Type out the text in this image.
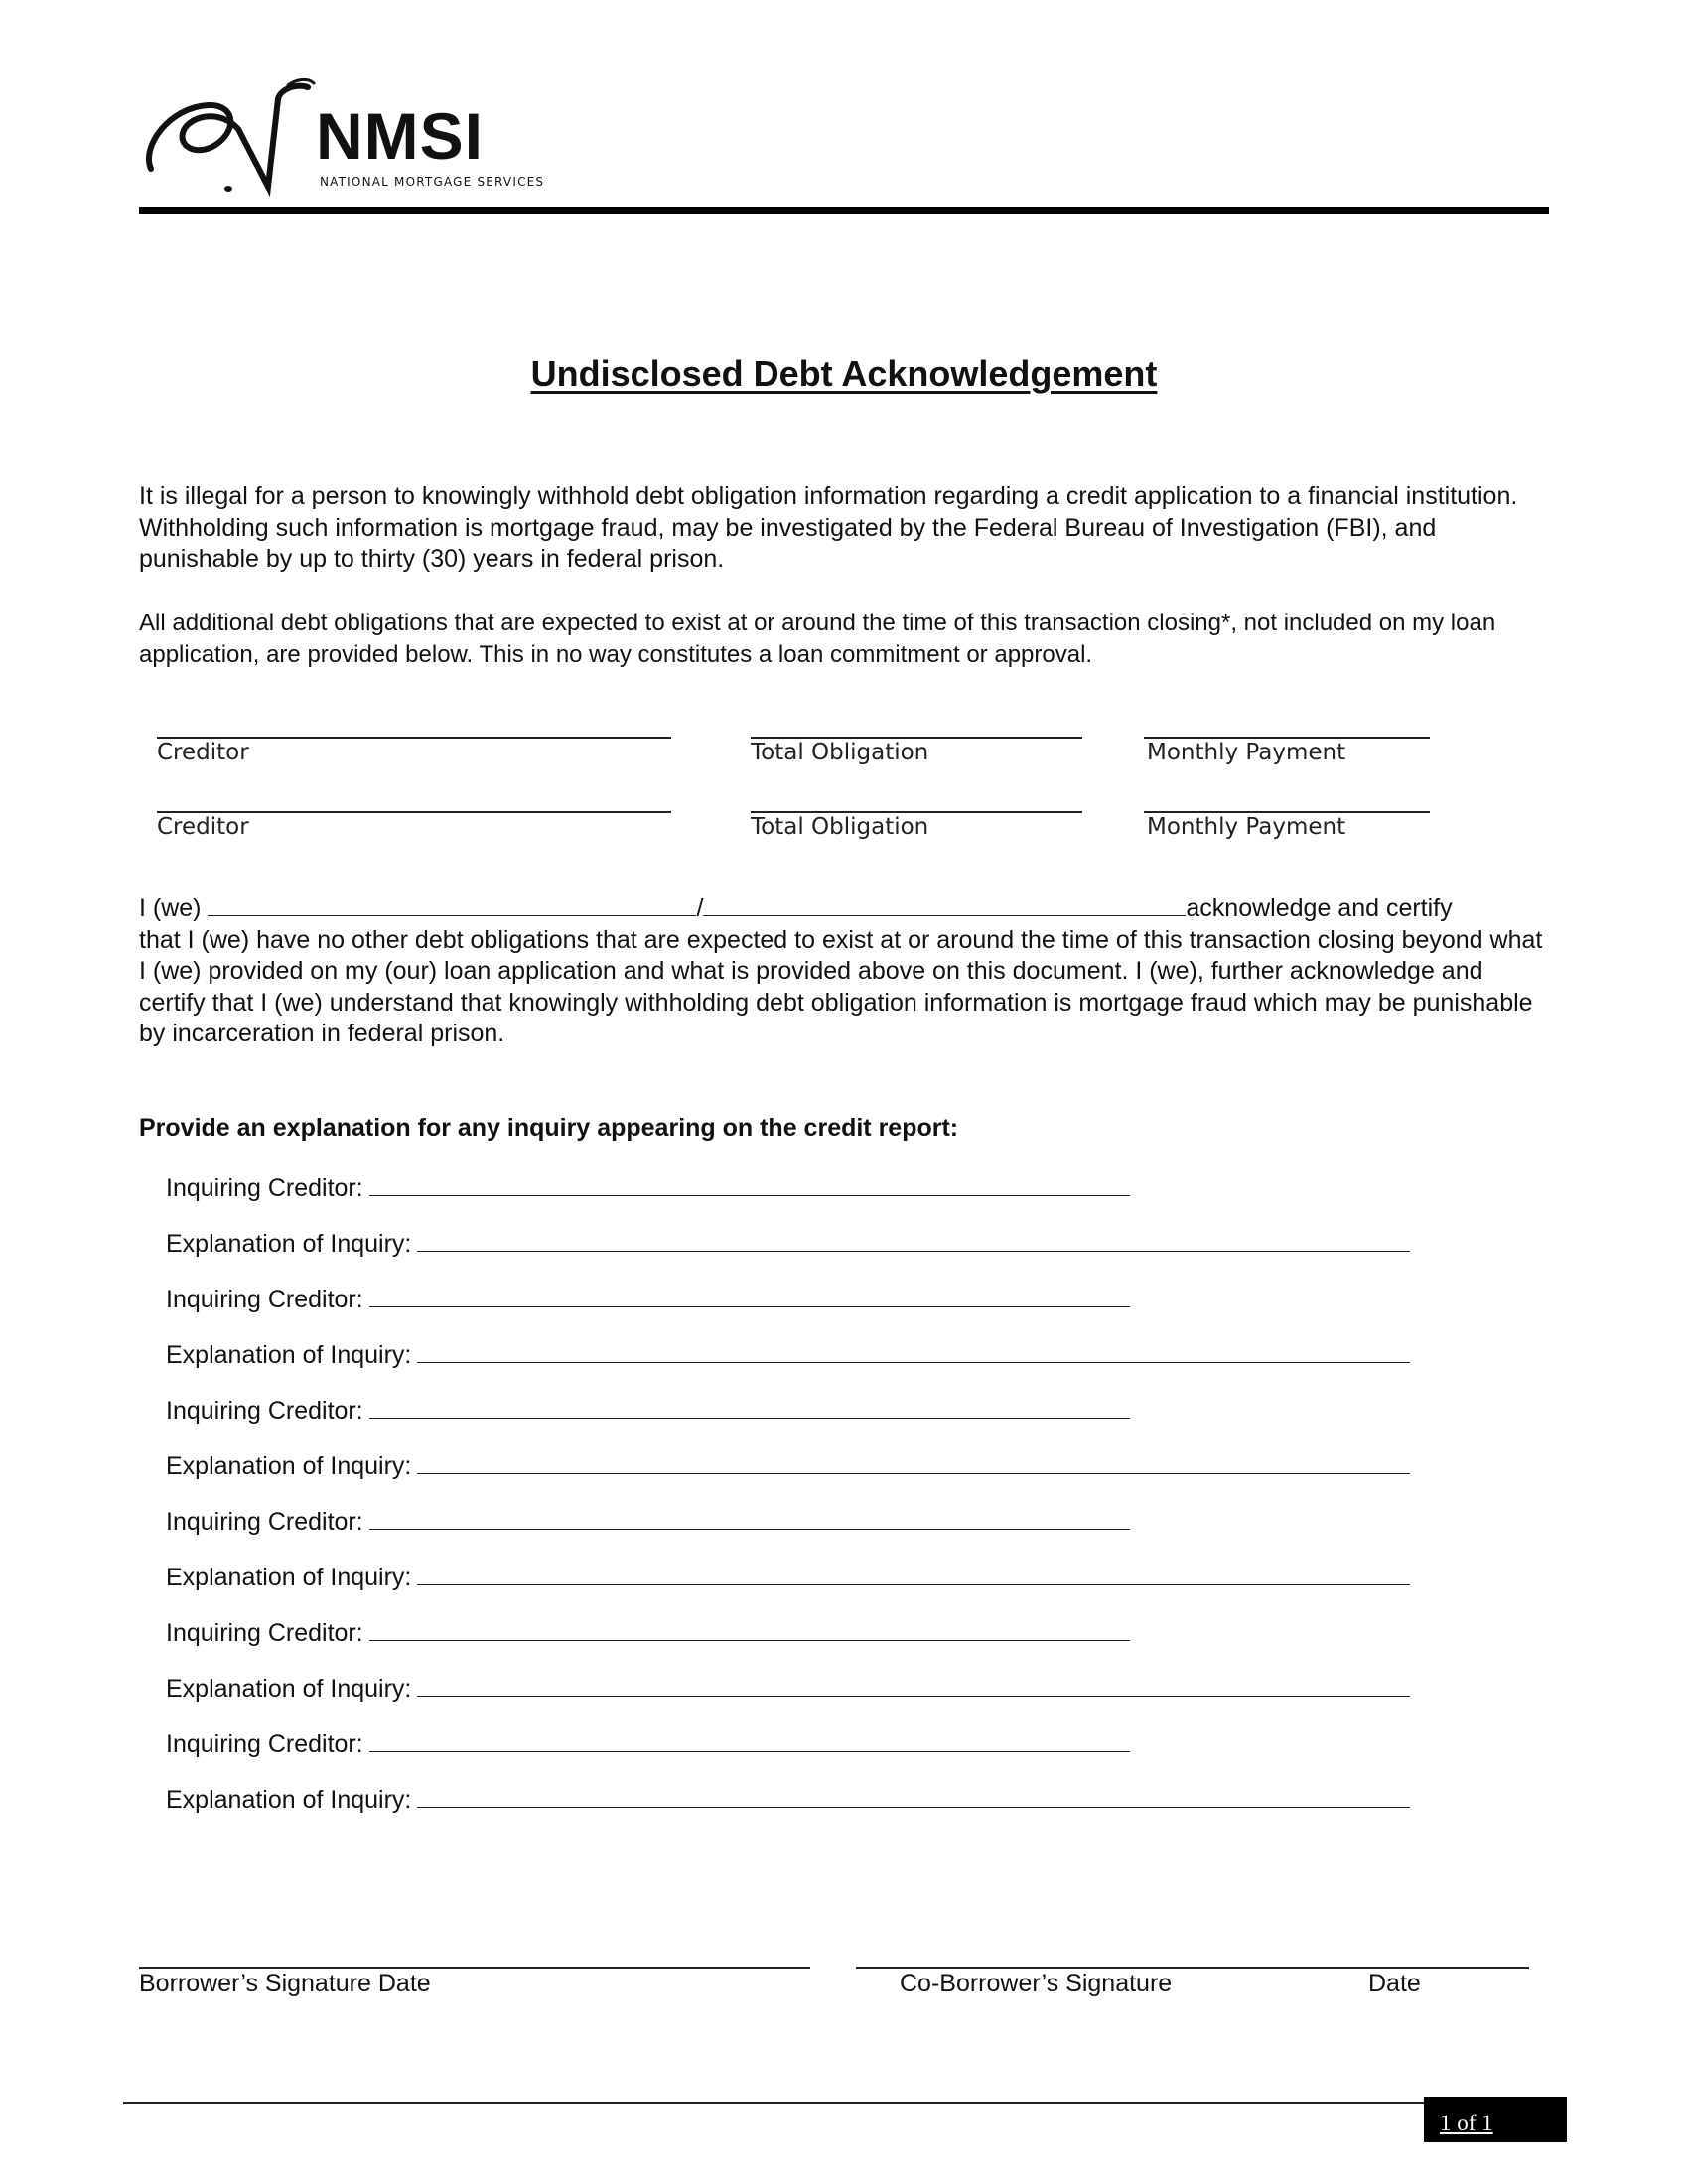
NMSI
NATIONAL MORTGAGE SERVICES
Undisclosed Debt Acknowledgement
It is illegal for a person to knowingly withhold debt obligation information regarding a credit application to a financial institution. Withholding such information is mortgage fraud, may be investigated by the Federal Bureau of Investigation (FBI), and punishable by up to thirty (30) years in federal prison.
All additional debt obligations that are expected to exist at or around the time of this transaction closing*, not included on my loan application, are provided below. This in no way constitutes a loan commitment or approval.
Creditor	Total Obligation	Monthly Payment
Creditor	Total Obligation	Monthly Payment
I (we)	/	acknowledge and certify
that I (we) have no other debt obligations that are expected to exist at or around the time of this transaction closing beyond what I (we) provided on my (our) loan application and what is provided above on this document. I (we), further acknowledge and certify that I (we) understand that knowingly withholding debt obligation information is mortgage fraud which may be punishable by incarceration in federal prison.
Provide an explanation for any inquiry appearing on the credit report:
Inquiring Creditor:
Explanation of Inquiry:
Inquiring Creditor:
Explanation of Inquiry:
Inquiring Creditor:
Explanation of Inquiry:
Inquiring Creditor:
Explanation of Inquiry:
Inquiring Creditor:
Explanation of Inquiry:
Inquiring Creditor:
Explanation of Inquiry:
Borrower’s Signature Date	Co-Borrower’s Signature	Date
1 of 1
